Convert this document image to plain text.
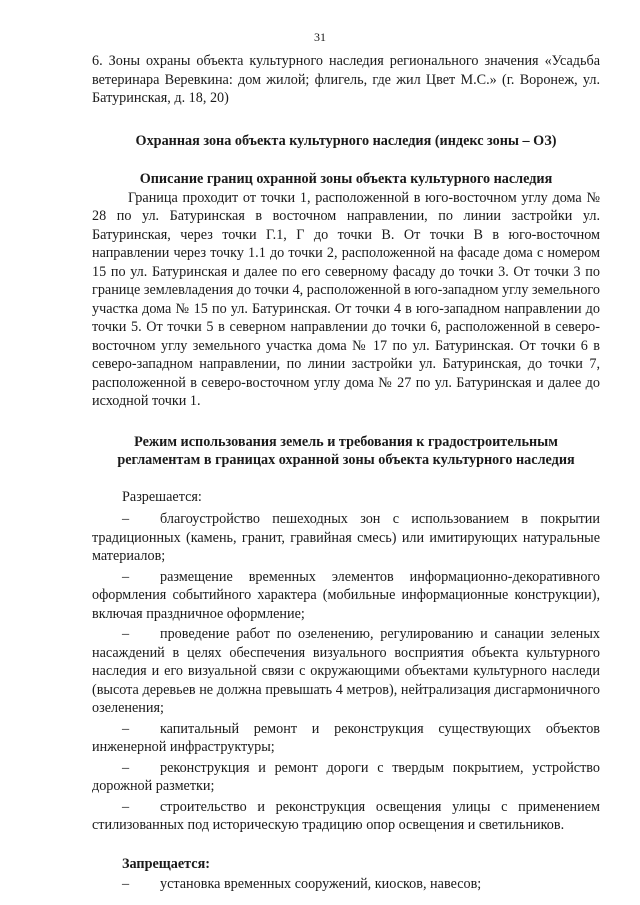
31

6. Зоны охраны объекта культурного наследия регионального значения «Усадьба ветеринара Веревкина: дом жилой; флигель, где жил Цвет М.С.» (г. Воронеж, ул. Батуринская, д. 18, 20)

Охранная зона объекта культурного наследия (индекс зоны – ОЗ)

Описание границ охранной зоны объекта культурного наследия

Граница проходит от точки 1, расположенной в юго-восточном углу дома № 28 по ул. Батуринская в восточном направлении, по линии застройки ул. Батуринская, через точки Г.1, Г до точки В. От точки В в юго-восточном направлении через точку 1.1 до точки 2, расположенной на фасаде дома с номером 15 по ул. Батуринская и далее по его северному фасаду до точки 3. От точки 3 по границе землевладения до точки 4, расположенной в юго-западном углу земельного участка дома № 15 по ул. Батуринская. От точки 4 в юго-западном направлении до точки 5. От точки 5 в северном направлении до точки 6, расположенной в северо-восточном углу земельного участка дома № 17 по ул. Батуринская. От точки 6 в северо-западном направлении, по линии застройки ул. Батуринская, до точки 7, расположенной в северо-восточном углу дома № 27 по ул. Батуринская и далее до исходной точки 1.

Режим использования земель и требования к градостроительным регламентам в границах охранной зоны объекта культурного наследия

Разрешается:

– благоустройство пешеходных зон с использованием в покрытии традиционных (камень, гранит, гравийная смесь) или имитирующих натуральные материалов;

– размещение временных элементов информационно-декоративного оформления событийного характера (мобильные информационные конструкции), включая праздничное оформление;

– проведение работ по озеленению, регулированию и санации зеленых насаждений в целях обеспечения визуального восприятия объекта культурного наследия и его визуальной связи с окружающими объектами культурного наследи (высота деревьев не должна превышать 4 метров), нейтрализация дисгармоничного озеленения;

– капитальный ремонт и реконструкция существующих объектов инженерной инфраструктуры;

– реконструкция и ремонт дороги с твердым покрытием, устройство дорожной разметки;

– строительство и реконструкция освещения улицы с применением стилизованных под историческую традицию опор освещения и светильников.

Запрещается:

– установка временных сооружений, киосков, навесов;
